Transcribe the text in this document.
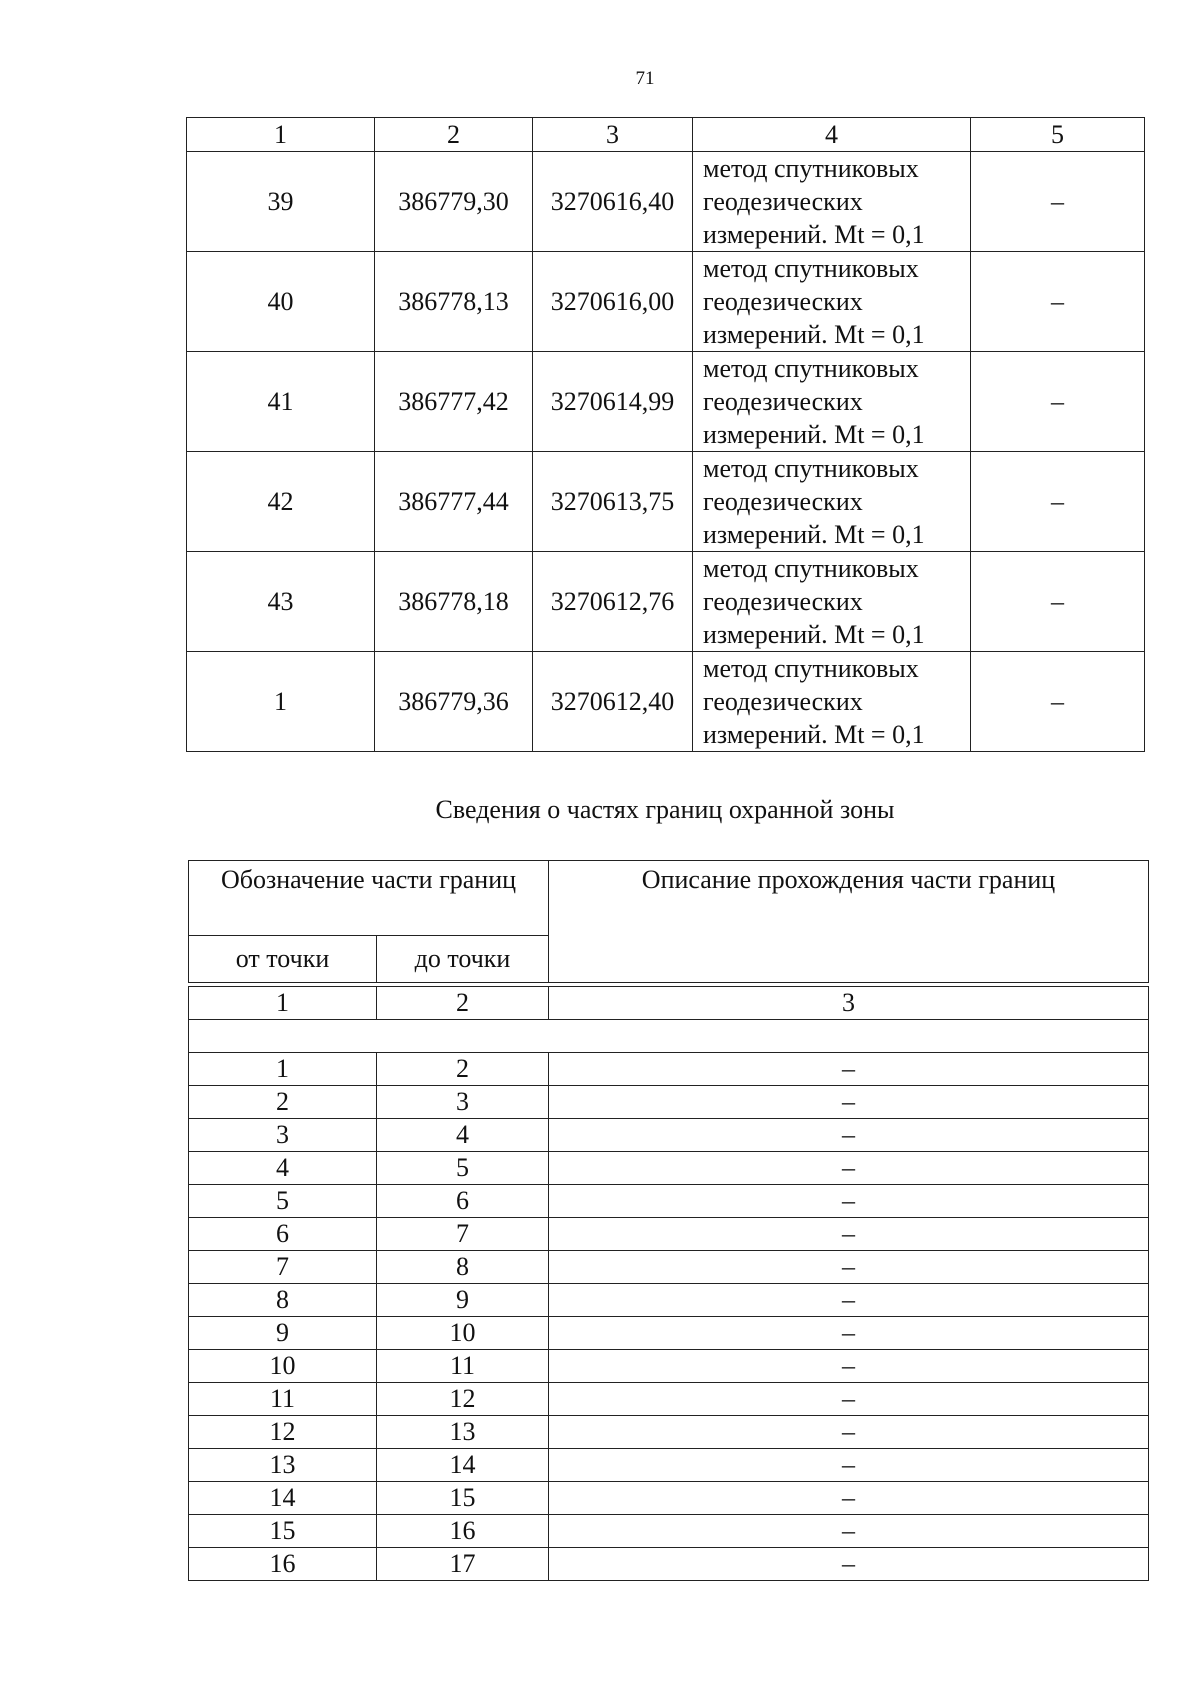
71
1	2	3	4	5
39	386779,30	3270616,40	метод спутниковых
геодезических
измерений. Mt = 0,1	–
40	386778,13	3270616,00	метод спутниковых
геодезических
измерений. Mt = 0,1	–
41	386777,42	3270614,99	метод спутниковых
геодезических
измерений. Mt = 0,1	–
42	386777,44	3270613,75	метод спутниковых
геодезических
измерений. Mt = 0,1	–
43	386778,18	3270612,76	метод спутниковых
геодезических
измерений. Mt = 0,1	–
1	386779,36	3270612,40	метод спутниковых
геодезических
измерений. Mt = 0,1	–
Сведения о частях границ охранной зоны
Обозначение части границ		Описание прохождения части границ
от точки	до точки	

1	2	3

1	2	–
2	3	–
3	4	–
4	5	–
5	6	–
6	7	–
7	8	–
8	9	–
9	10	–
10	11	–
11	12	–
12	13	–
13	14	–
14	15	–
15	16	–
16	17	–
